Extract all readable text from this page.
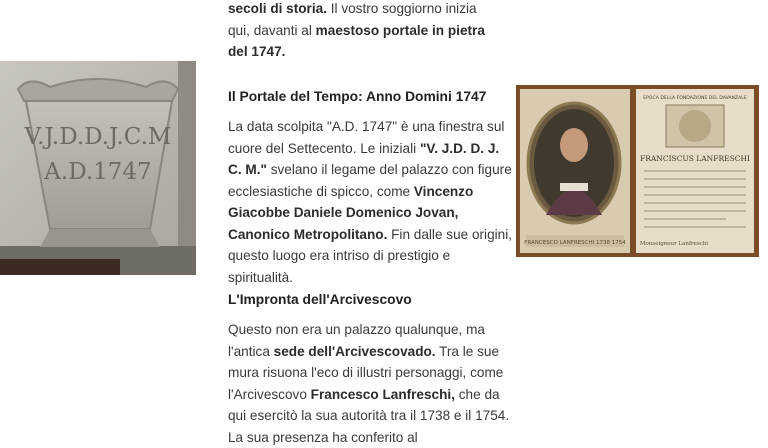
secoli di storia. Il vostro soggiorno inizia
qui, davanti al maestoso portale in pietra
del 1747.
Il Portale del Tempo: Anno Domini 1747

La data scolpita "A.D. 1747" è una finestra sul cuore del Settecento. Le iniziali "V. J.D. D. J. C. M." svelano il legame del palazzo con figure ecclesiastiche di spicco, come Vincenzo Giacobbe Daniele Domenico Jovan, Canonico Metropolitano. Fin dalle sue origini, questo luogo era intriso di prestigio e spiritualità.

L'Impronta dell'Arcivescovo

Questo non era un palazzo qualunque, ma l'antica sede dell'Arcivescovado. Tra le sue mura risuona l'eco di illustri personaggi, come l'Arcivescovo Francesco Lanfreschi, che da qui esercitò la sua autorità tra il 1738 e il 1754. La sua presenza ha conferito al

V.J.D.D.J.C.M
A.D.1747
FRANCESCO LANFRESCHI 1738 1754
EPOCA DELLA FONDAZIONE DEL DAVANZALE
FRANCISCUS LANFRESCHI
Monseigneur Lanfreschi
